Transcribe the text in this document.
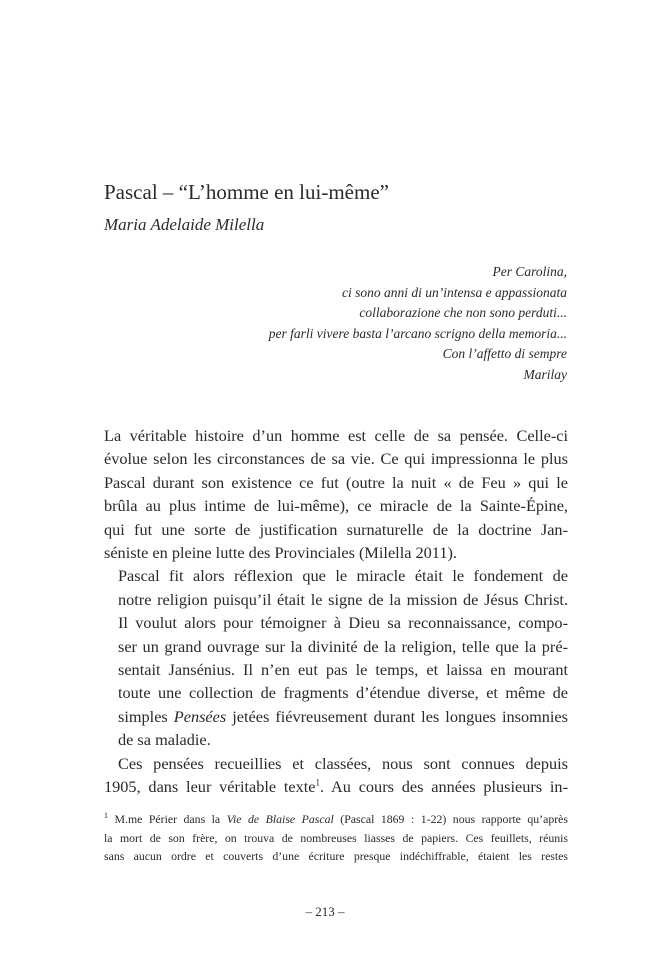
Pascal – “L’homme en lui-même”
Maria Adelaide Milella
Per Carolina,
ci sono anni di un’intensa e appassionata
collaborazione che non sono perduti...
per farli vivere basta l’arcano scrigno della memoria...
Con l’affetto di sempre
Marilay

La véritable histoire d’un homme est celle de sa pensée. Celle-ci
évolue selon les circonstances de sa vie. Ce qui impressionna le plus
Pascal durant son existence ce fut (outre la nuit « de Feu » qui le
brûla au plus intime de lui-même), ce miracle de la Sainte-Épine,
qui fut une sorte de justification surnaturelle de la doctrine Jan-
séniste en pleine lutte des Provinciales (Milella 2011).

Pascal fit alors réflexion que le miracle était le fondement de
notre religion puisqu’il était le signe de la mission de Jésus Christ.
Il voulut alors pour témoigner à Dieu sa reconnaissance, compo-
ser un grand ouvrage sur la divinité de la religion, telle que la pré-
sentait Jansénius. Il n’en eut pas le temps, et laissa en mourant
toute une collection de fragments d’étendue diverse, et même de
simples Pensées jetées fiévreusement durant les longues insomnies
de sa maladie.

Ces pensées recueillies et classées, nous sont connues depuis
1905, dans leur véritable texte$^1$. Au cours des années plusieurs in-

$^1$ M.me Périer dans la Vie de Blaise Pascal (Pascal 1869 : 1-22) nous rapporte qu’après
la mort de son frère, on trouva de nombreuses liasses de papiers. Ces feuillets, réunis
sans aucun ordre et couverts d’une écriture presque indéchiffrable, étaient les restes
– 213 –
